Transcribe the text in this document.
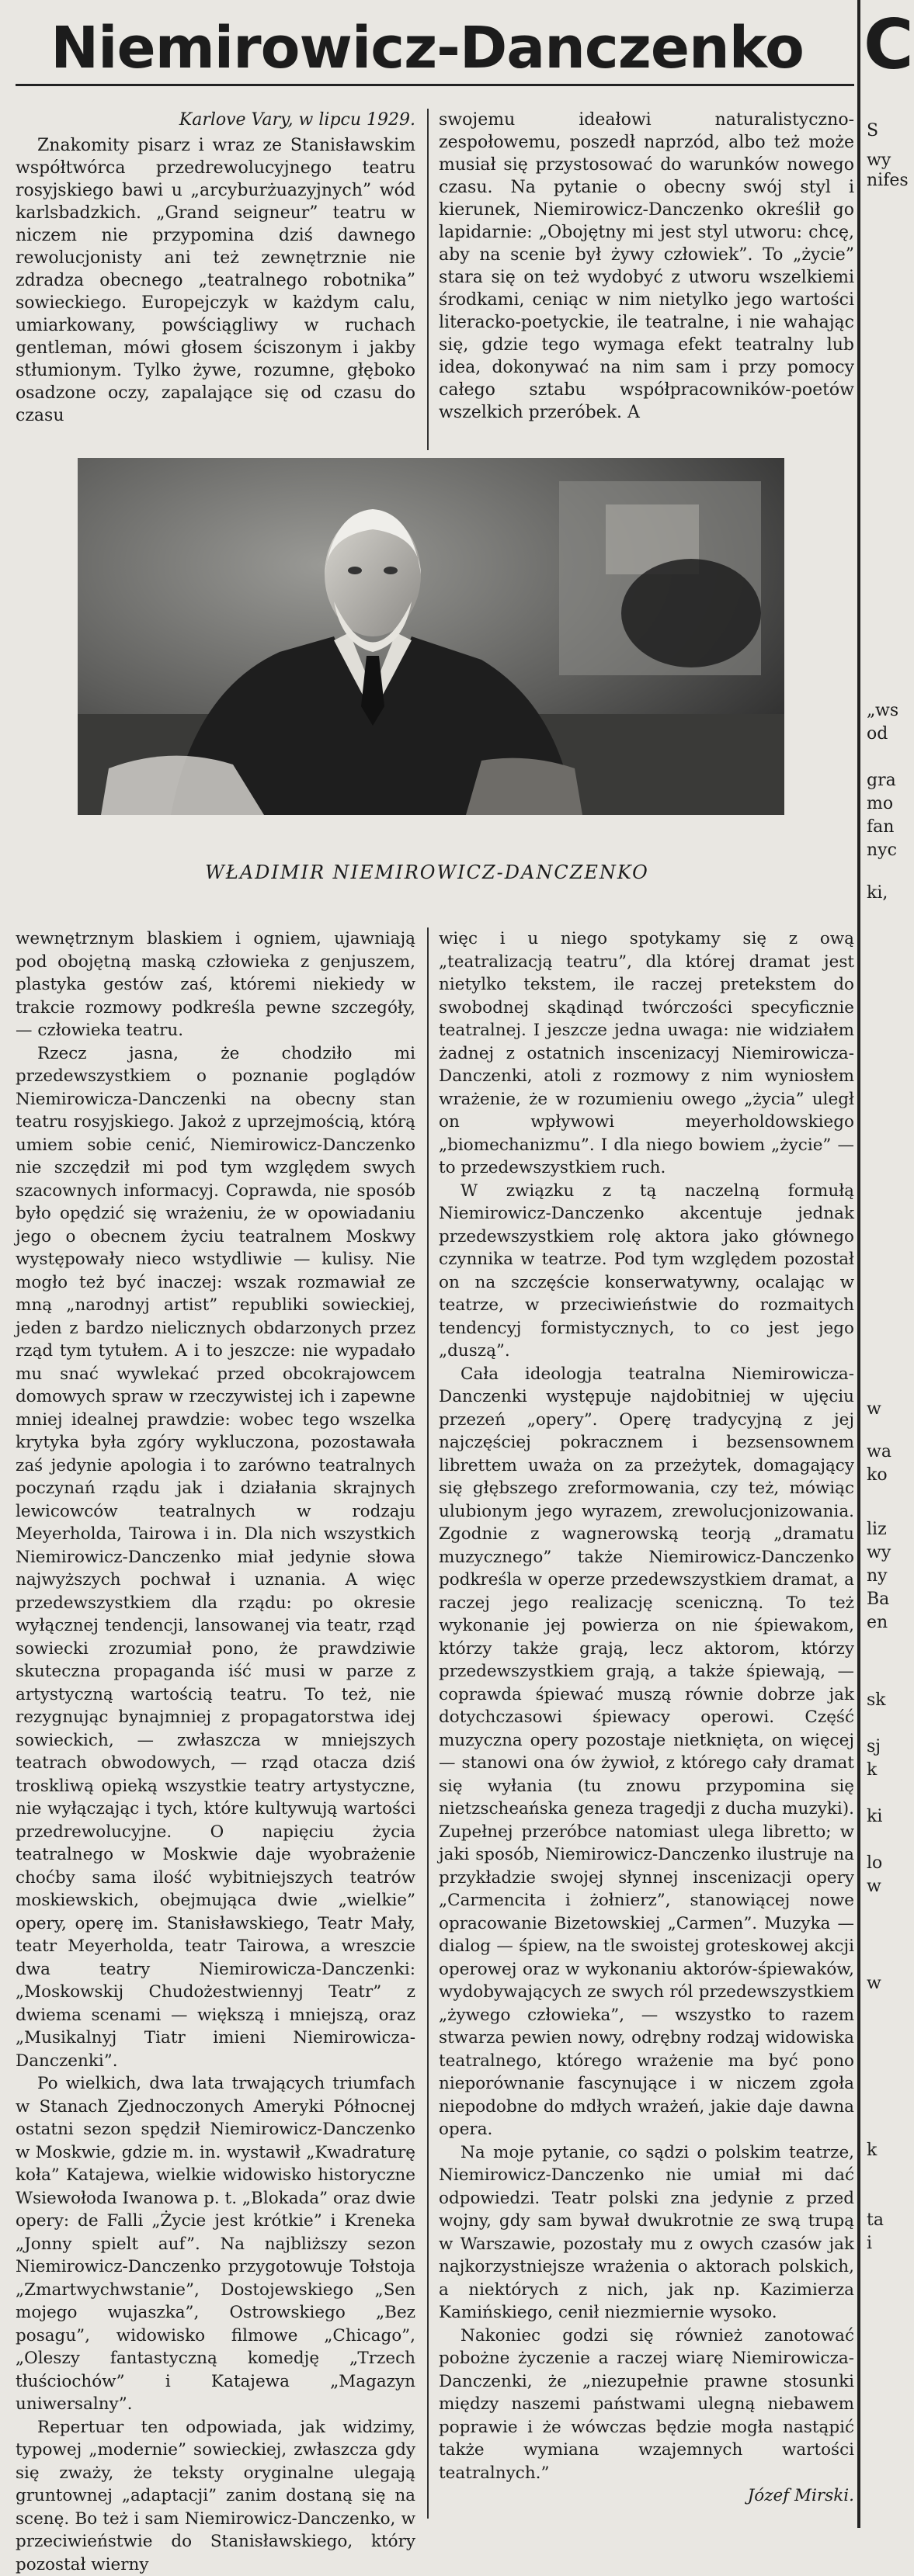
Niemirowicz-Danczenko

Karlove Vary, w lipcu 1929.

Znakomity pisarz i wraz ze Stanisławskim współtwórca przedrewolucyjnego teatru rosyjskiego bawi u „arcyburżuazyjnych” wód karlsbadzkich. „Grand seigneur” teatru w niczem nie przypomina dziś dawnego rewolucjonisty ani też zewnętrznie nie zdradza obecnego „teatralnego robotnika” sowieckiego. Europejczyk w każdym calu, umiarkowany, powściągliwy w ruchach gentleman, mówi głosem ściszonym i jakby stłumionym. Tylko żywe, rozumne, głęboko osadzone oczy, zapalające się od czasu do czasu

swojemu ideałowi naturalistyczno-zespołowemu, poszedł naprzód, albo też może musiał się przystosować do warunków nowego czasu. Na pytanie o obecny swój styl i kierunek, Niemirowicz-Danczenko określił go lapidarnie: „Obojętny mi jest styl utworu: chcę, aby na scenie był żywy człowiek”. To „życie” stara się on też wydobyć z utworu wszelkiemi środkami, ceniąc w nim nietylko jego wartości literacko-poetyckie, ile teatralne, i nie wahając się, gdzie tego wymaga efekt teatralny lub idea, dokonywać na nim sam i przy pomocy całego sztabu współpracowników-poetów wszelkich przeróbek. A

WŁADIMIR NIEMIROWICZ-DANCZENKO

wewnętrznym blaskiem i ogniem, ujawniają pod obojętną maską człowieka z genjuszem, plastyka gestów zaś, któremi niekiedy w trakcie rozmowy podkreśla pewne szczegóły, — człowieka teatru.

Rzecz jasna, że chodziło mi przedewszystkiem o poznanie poglądów Niemirowicza-Danczenki na obecny stan teatru rosyjskiego. Jakoż z uprzejmością, którą umiem sobie cenić, Niemirowicz-Danczenko nie szczędził mi pod tym względem swych szacownych informacyj. Coprawda, nie sposób było opędzić się wrażeniu, że w opowiadaniu jego o obecnem życiu teatralnem Moskwy występowały nieco wstydliwie — kulisy. Nie mogło też być inaczej: wszak rozmawiał ze mną „narodnyj artist” republiki sowieckiej, jeden z bardzo nielicznych obdarzonych przez rząd tym tytułem. A i to jeszcze: nie wypadało mu snać wywlekać przed obcokrajowcem domowych spraw w rzeczywistej ich i zapewne mniej idealnej prawdzie: wobec tego wszelka krytyka była zgóry wykluczona, pozostawała zaś jedynie apologia i to zarówno teatralnych poczynań rządu jak i działania skrajnych lewicowców teatralnych w rodzaju Meyerholda, Tairowa i in. Dla nich wszystkich Niemirowicz-Danczenko miał jedynie słowa najwyższych pochwał i uznania. A więc przedewszystkiem dla rządu: po okresie wyłącznej tendencji, lansowanej via teatr, rząd sowiecki zrozumiał pono, że prawdziwie skuteczna propaganda iść musi w parze z artystyczną wartością teatru. To też, nie rezygnując bynajmniej z propagatorstwa idej sowieckich, — zwłaszcza w mniejszych teatrach obwodowych, — rząd otacza dziś troskliwą opieką wszystkie teatry artystyczne, nie wyłączając i tych, które kultywują wartości przedrewolucyjne. O napięciu życia teatralnego w Moskwie daje wyobrażenie choćby sama ilość wybitniejszych teatrów moskiewskich, obejmująca dwie „wielkie” opery, operę im. Stanisławskiego, Teatr Mały, teatr Meyerholda, teatr Tairowa, a wreszcie dwa teatry Niemirowicza-Danczenki: „Moskowskij Chudożestwiennyj Teatr” z dwiema scenami — większą i mniejszą, oraz „Musikalnyj Tiatr imieni Niemirowicza-Danczenki”.

Po wielkich, dwa lata trwających triumfach w Stanach Zjednoczonych Ameryki Północnej ostatni sezon spędził Niemirowicz-Danczenko w Moskwie, gdzie m. in. wystawił „Kwadraturę koła” Katajewa, wielkie widowisko historyczne Wsiewołoda Iwanowa p. t. „Blokada” oraz dwie opery: de Falli „Życie jest krótkie” i Kreneka „Jonny spielt auf”. Na najbliższy sezon Niemirowicz-Danczenko przygotowuje Tołstoja „Zmartwychwstanie”, Dostojewskiego „Sen mojego wujaszka”, Ostrowskiego „Bez posagu”, widowisko filmowe „Chicago”, „Oleszy fantastyczną komedję „Trzech tłuściochów” i Katajewa „Magazyn uniwersalny”.

Repertuar ten odpowiada, jak widzimy, typowej „modernie” sowieckiej, zwłaszcza gdy się zważy, że teksty oryginalne ulegają gruntownej „adaptacji” zanim dostaną się na scenę. Bo też i sam Niemirowicz-Danczenko, w przeciwieństwie do Stanisławskiego, który pozostał wierny

więc i u niego spotykamy się z ową „teatralizacją teatru”, dla której dramat jest nietylko tekstem, ile raczej pretekstem do swobodnej skądinąd twórczości specyficznie teatralnej. I jeszcze jedna uwaga: nie widziałem żadnej z ostatnich inscenizacyj Niemirowicza-Danczenki, atoli z rozmowy z nim wyniosłem wrażenie, że w rozumieniu owego „życia” uległ on wpływowi meyerholdowskiego „biomechanizmu”. I dla niego bowiem „życie” — to przedewszystkiem ruch.

W związku z tą naczelną formułą Niemirowicz-Danczenko akcentuje jednak przedewszystkiem rolę aktora jako głównego czynnika w teatrze. Pod tym względem pozostał on na szczęście konserwatywny, ocalając w teatrze, w przeciwieństwie do rozmaitych tendencyj formistycznych, to co jest jego „duszą”.

Cała ideologja teatralna Niemirowicza-Danczenki występuje najdobitniej w ujęciu przezeń „opery”. Operę tradycyjną z jej najczęściej pokracznem i bezsensownem librettem uważa on za przeżytek, domagający się głębszego zreformowania, czy też, mówiąc ulubionym jego wyrazem, zrewolucjonizowania. Zgodnie z wagnerowską teorją „dramatu muzycznego” także Niemirowicz-Danczenko podkreśla w operze przedewszystkiem dramat, a raczej jego realizację sceniczną. To też wykonanie jej powierza on nie śpiewakom, którzy także grają, lecz aktorom, którzy przedewszystkiem grają, a także śpiewają, — coprawda śpiewać muszą równie dobrze jak dotychczasowi śpiewacy operowi. Część muzyczna opery pozostaje nietknięta, on więcej — stanowi ona ów żywioł, z którego cały dramat się wyłania (tu znowu przypomina się nietzscheańska geneza tragedji z ducha muzyki). Zupełnej przeróbce natomiast ulega libretto; w jaki sposób, Niemirowicz-Danczenko ilustruje na przykładzie swojej słynnej inscenizacji opery „Carmencita i żołnierz”, stanowiącej nowe opracowanie Bizetowskiej „Carmen”. Muzyka — dialog — śpiew, na tle swoistej groteskowej akcji operowej oraz w wykonaniu aktorów-śpiewaków, wydobywających ze swych ról przedewszystkiem „żywego człowieka”, — wszystko to razem stwarza pewien nowy, odrębny rodzaj widowiska teatralnego, którego wrażenie ma być pono nieporównanie fascynujące i w niczem zgoła niepodobne do mdłych wrażeń, jakie daje dawna opera.

Na moje pytanie, co sądzi o polskim teatrze, Niemirowicz-Danczenko nie umiał mi dać odpowiedzi. Teatr polski zna jedynie z przed wojny, gdy sam bywał dwukrotnie ze swą trupą w Warszawie, pozostały mu z owych czasów jak najkorzystniejsze wrażenia o aktorach polskich, a niektórych z nich, jak np. Kazimierza Kamińskiego, cenił niezmiernie wysoko.

Nakoniec godzi się również zanotować pobożne życzenie a raczej wiarę Niemirowicza-Danczenki, że „niezupełnie prawne stosunki między naszemi państwami ulegną niebawem poprawie i że wówczas będzie mogła nastąpić także wymiana wzajemnych wartości teatralnych.”

Józef Mirski.

C
S
wy
nifes
„ws
od
gra
mo
fan
nyc
ki,
w
wa
ko
liz
wy
ny
Ba
en
sk
sj
k
ki
lo
w
w
k
ta
i
